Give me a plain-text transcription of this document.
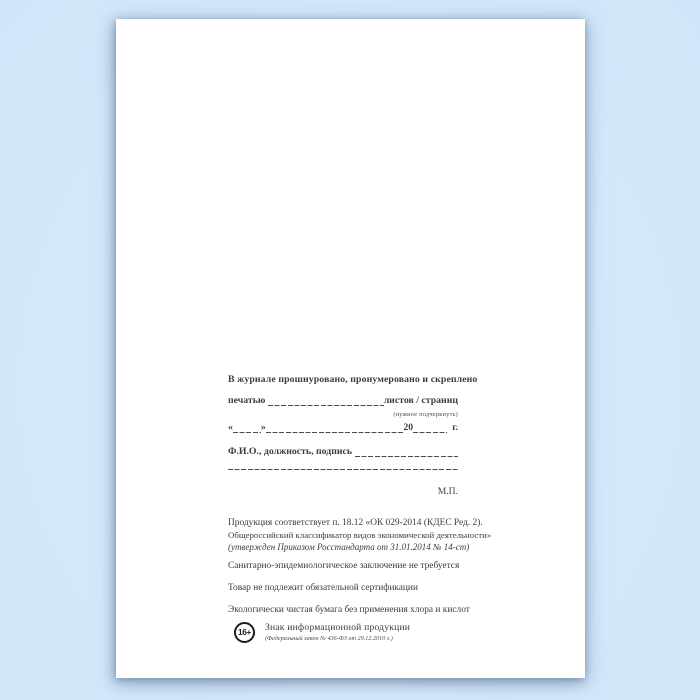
В журнале прошнуровано, пронумеровано и скреплено
печатью	листов / страниц
(нужное подчеркнуть)
«	»	20	г.
Ф.И.О., должность, подпись
М.П.
Продукция соответствует п. 18.12 «ОК 029-2014 (КДЕС Ред. 2).
Общероссийский классификатор видов экономической деятельности»
(утвержден Приказом Росстандарта от 31.01.2014 № 14-ст)
Санитарно-эпидемиологическое заключение не требуется
Товар не подлежит обязательной сертификации
Экологически чистая бумага без применения хлора и кислот
16+ Знак информационной продукции
(Федеральный закон № 436-ФЗ от 29.12.2010 г.)
